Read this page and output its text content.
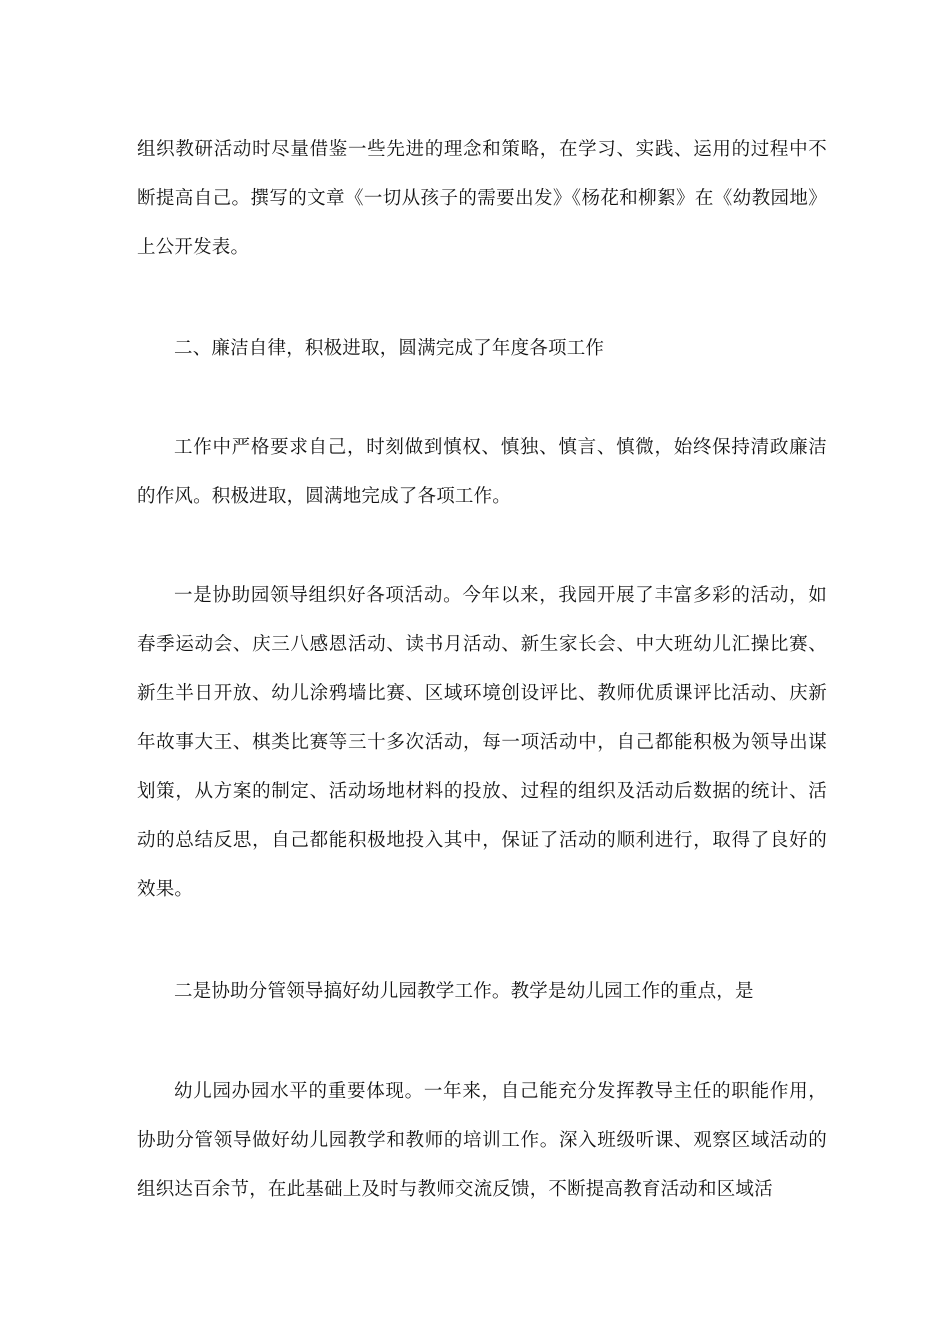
组织教研活动时尽量借鉴一些先进的理念和策略，在学习、实践、运用的过程中不断提高自己。撰写的文章《一切从孩子的需要出发》《杨花和柳絮》在《幼教园地》上公开发表。

二、廉洁自律，积极进取，圆满完成了年度各项工作

工作中严格要求自己，时刻做到慎权、慎独、慎言、慎微，始终保持清政廉洁的作风。积极进取，圆满地完成了各项工作。

一是协助园领导组织好各项活动。今年以来，我园开展了丰富多彩的活动，如春季运动会、庆三八感恩活动、读书月活动、新生家长会、中大班幼儿汇操比赛、新生半日开放、幼儿涂鸦墙比赛、区域环境创设评比、教师优质课评比活动、庆新年故事大王、棋类比赛等三十多次活动，每一项活动中，自己都能积极为领导出谋划策，从方案的制定、活动场地材料的投放、过程的组织及活动后数据的统计、活动的总结反思，自己都能积极地投入其中，保证了活动的顺利进行，取得了良好的效果。

二是协助分管领导搞好幼儿园教学工作。教学是幼儿园工作的重点，是

幼儿园办园水平的重要体现。一年来，自己能充分发挥教导主任的职能作用，协助分管领导做好幼儿园教学和教师的培训工作。深入班级听课、观察区域活动的组织达百余节，在此基础上及时与教师交流反馈，不断提高教育活动和区域活
